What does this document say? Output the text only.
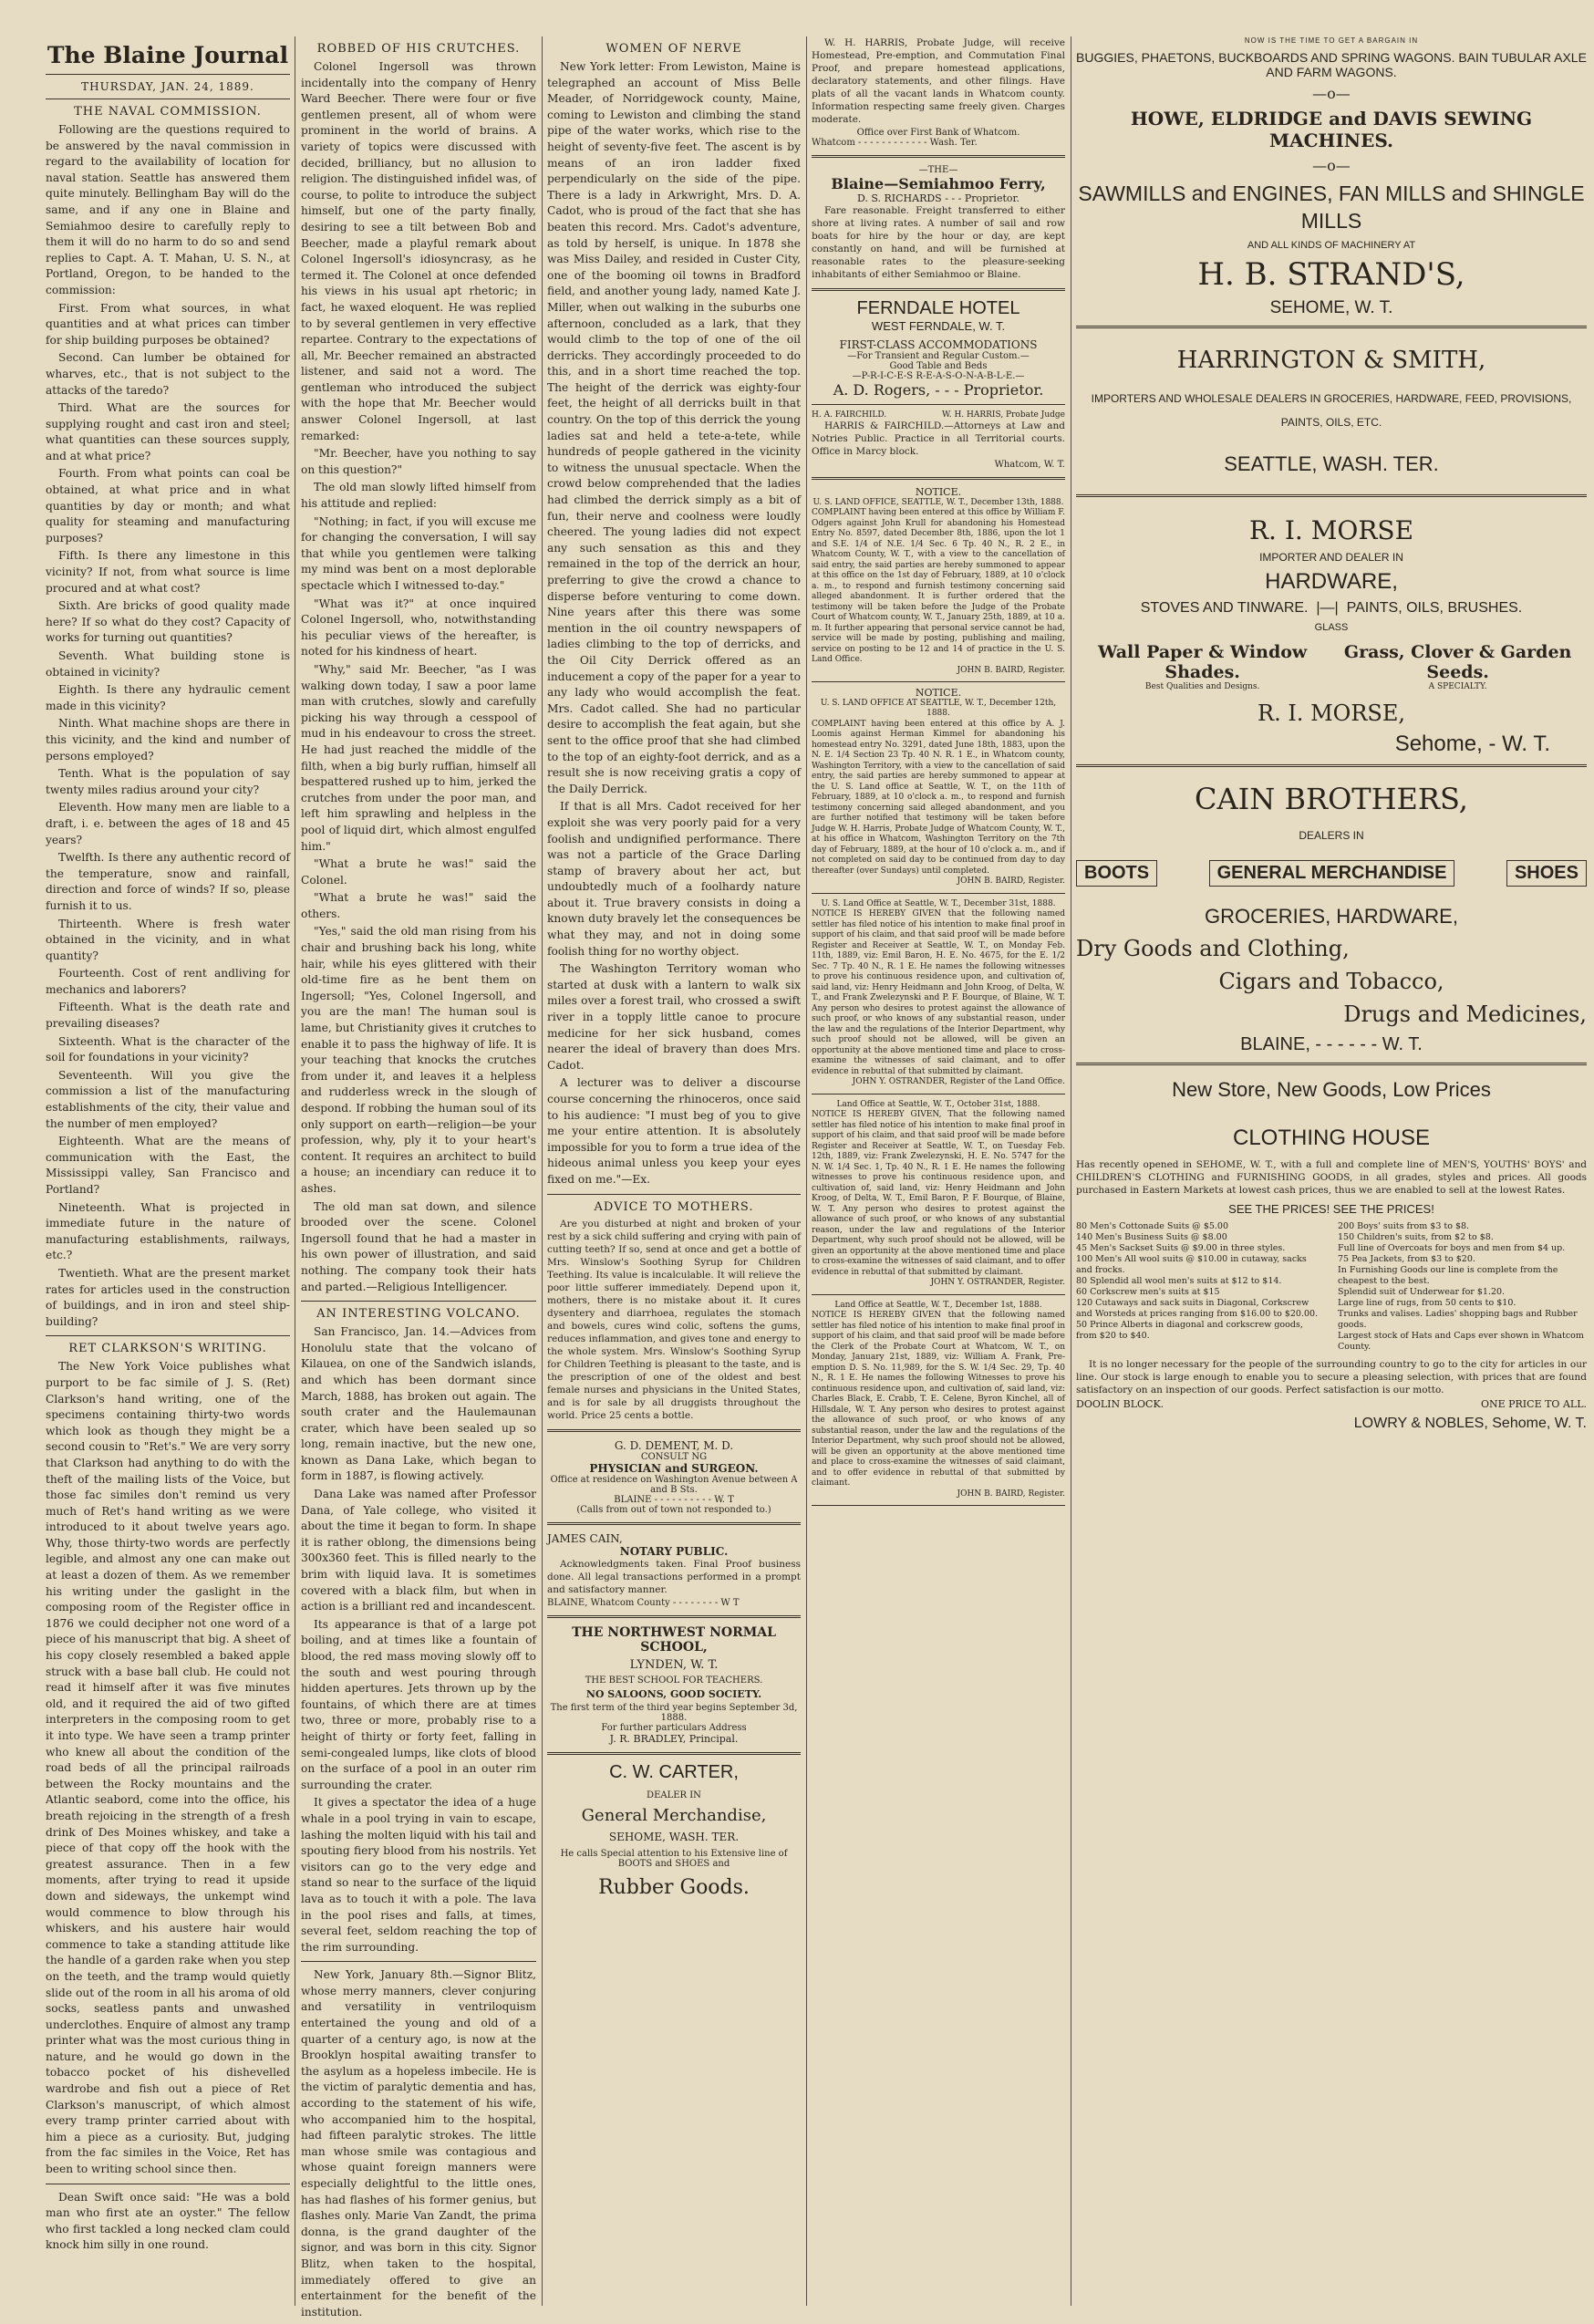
The Blaine Journal
THURSDAY, JAN. 24, 1889.
THE NAVAL COMMISSION.

Following are the questions required to be answered by the naval commission in regard to the availability of location for naval station. Seattle has answered them quite minutely. Bellingham Bay will do the same, and if any one in Blaine and Semiahmoo desire to carefully reply to them it will do no harm to do so and send replies to Capt. A. T. Mahan, U. S. N., at Portland, Oregon, to be handed to the commission:

First. From what sources, in what quantities and at what prices can timber for ship building purposes be obtained?

Second. Can lumber be obtained for wharves, etc., that is not subject to the attacks of the taredo?

Third. What are the sources for supplying rought and cast iron and steel; what quantities can these sources supply, and at what price?

Fourth. From what points can coal be obtained, at what price and in what quantities by day or month; and what quality for steaming and manufacturing purposes?

Fifth. Is there any limestone in this vicinity? If not, from what source is lime procured and at what cost?

Sixth. Are bricks of good quality made here? If so what do they cost? Capacity of works for turning out quantities?

Seventh. What building stone is obtained in vicinity?

Eighth. Is there any hydraulic cement made in this vicinity?

Ninth. What machine shops are there in this vicinity, and the kind and number of persons employed?

Tenth. What is the population of say twenty miles radius around your city?

Eleventh. How many men are liable to a draft, i. e. between the ages of 18 and 45 years?

Twelfth. Is there any authentic record of the temperature, snow and rainfall, direction and force of winds? If so, please furnish it to us.

Thirteenth. Where is fresh water obtained in the vicinity, and in what quantity?

Fourteenth. Cost of rent andliving for mechanics and laborers?

Fifteenth. What is the death rate and prevailing diseases?

Sixteenth. What is the character of the soil for foundations in your vicinity?

Seventeenth. Will you give the commission a list of the manufacturing establishments of the city, their value and the number of men employed?

Eighteenth. What are the means of communication with the East, the Mississippi valley, San Francisco and Portland?

Nineteenth. What is projected in immediate future in the nature of manufacturing establishments, railways, etc.?

Twentieth. What are the present market rates for articles used in the construction of buildings, and in iron and steel ship-building?

RET CLARKSON'S WRITING.

The New York Voice publishes what purport to be fac simile of J. S. (Ret) Clarkson's hand writing, one of the specimens containing thirty-two words which look as though they might be a second cousin to "Ret's." We are very sorry that Clarkson had anything to do with the theft of the mailing lists of the Voice, but those fac similes don't remind us very much of Ret's hand writing as we were introduced to it about twelve years ago. Why, those thirty-two words are perfectly legible, and almost any one can make out at least a dozen of them. As we remember his writing under the gaslight in the composing room of the Register office in 1876 we could decipher not one word of a piece of his manuscript that big. A sheet of his copy closely resembled a baked apple struck with a base ball club. He could not read it himself after it was five minutes old, and it required the aid of two gifted interpreters in the composing room to get it into type. We have seen a tramp printer who knew all about the condition of the road beds of all the principal railroads between the Rocky mountains and the Atlantic seabord, come into the office, his breath rejoicing in the strength of a fresh drink of Des Moines whiskey, and take a piece of that copy off the hook with the greatest assurance. Then in a few moments, after trying to read it upside down and sideways, the unkempt wind would commence to blow through his whiskers, and his austere hair would commence to take a standing attitude like the handle of a garden rake when you step on the teeth, and the tramp would quietly slide out of the room in all his aroma of old socks, seatless pants and unwashed underclothes. Enquire of almost any tramp printer what was the most curious thing in nature, and he would go down in the tobacco pocket of his dishevelled wardrobe and fish out a piece of Ret Clarkson's manuscript, of which almost every tramp printer carried about with him a piece as a curiosity. But, judging from the fac similes in the Voice, Ret has been to writing school since then.

Dean Swift once said: "He was a bold man who first ate an oyster." The fellow who first tackled a long necked clam could knock him silly in one round.

ROBBED OF HIS CRUTCHES.

Colonel Ingersoll was thrown incidentally into the company of Henry Ward Beecher. There were four or five gentlemen present, all of whom were prominent in the world of brains. A variety of topics were discussed with decided, brilliancy, but no allusion to religion. The distinguished infidel was, of course, to polite to introduce the subject himself, but one of the party finally, desiring to see a tilt between Bob and Beecher, made a playful remark about Colonel Ingersoll's idiosyncrasy, as he termed it. The Colonel at once defended his views in his usual apt rhetoric; in fact, he waxed eloquent. He was replied to by several gentlemen in very effective repartee. Contrary to the expectations of all, Mr. Beecher remained an abstracted listener, and said not a word. The gentleman who introduced the subject with the hope that Mr. Beecher would answer Colonel Ingersoll, at last remarked:

"Mr. Beecher, have you nothing to say on this question?"

The old man slowly lifted himself from his attitude and replied:

"Nothing; in fact, if you will excuse me for changing the conversation, I will say that while you gentlemen were talking my mind was bent on a most deplorable spectacle which I witnessed to-day."

"What was it?" at once inquired Colonel Ingersoll, who, notwithstanding his peculiar views of the hereafter, is noted for his kindness of heart.

"Why," said Mr. Beecher, "as I was walking down today, I saw a poor lame man with crutches, slowly and carefully picking his way through a cesspool of mud in his endeavour to cross the street. He had just reached the middle of the filth, when a big burly ruffian, himself all bespattered rushed up to him, jerked the crutches from under the poor man, and left him sprawling and helpless in the pool of liquid dirt, which almost engulfed him."

"What a brute he was!" said the Colonel.

"What a brute he was!" said the others.

"Yes," said the old man rising from his chair and brushing back his long, white hair, while his eyes glittered with their old-time fire as he bent them on Ingersoll; "Yes, Colonel Ingersoll, and you are the man! The human soul is lame, but Christianity gives it crutches to enable it to pass the highway of life. It is your teaching that knocks the crutches from under it, and leaves it a helpless and rudderless wreck in the slough of despond. If robbing the human soul of its only support on earth—religion—be your profession, why, ply it to your heart's content. It requires an architect to build a house; an incendiary can reduce it to ashes.

The old man sat down, and silence brooded over the scene. Colonel Ingersoll found that he had a master in his own power of illustration, and said nothing. The company took their hats and parted.—Religious Intelligencer.

AN INTERESTING VOLCANO.

San Francisco, Jan. 14.—Advices from Honolulu state that the volcano of Kilauea, on one of the Sandwich islands, and which has been dormant since March, 1888, has broken out again. The south crater and the Haulemaunan crater, which have been sealed up so long, remain inactive, but the new one, known as Dana Lake, which began to form in 1887, is flowing actively.

Dana Lake was named after Professor Dana, of Yale college, who visited it about the time it began to form. In shape it is rather oblong, the dimensions being 300x360 feet. This is filled nearly to the brim with liquid lava. It is sometimes covered with a black film, but when in action is a brilliant red and incandescent.

Its appearance is that of a large pot boiling, and at times like a fountain of blood, the red mass moving slowly off to the south and west pouring through hidden apertures. Jets thrown up by the fountains, of which there are at times two, three or more, probably rise to a height of thirty or forty feet, falling in semi-congealed lumps, like clots of blood on the surface of a pool in an outer rim surrounding the crater.

It gives a spectator the idea of a huge whale in a pool trying in vain to escape, lashing the molten liquid with his tail and spouting fiery blood from his nostrils. Yet visitors can go to the very edge and stand so near to the surface of the liquid lava as to touch it with a pole. The lava in the pool rises and falls, at times, several feet, seldom reaching the top of the rim surrounding.

New York, January 8th.—Signor Blitz, whose merry manners, clever conjuring and versatility in ventriloquism entertained the young and old of a quarter of a century ago, is now at the Brooklyn hospital awaiting transfer to the asylum as a hopeless imbecile. He is the victim of paralytic dementia and has, according to the statement of his wife, who accompanied him to the hospital, had fifteen paralytic strokes. The little man whose smile was contagious and whose quaint foreign manners were especially delightful to the little ones, has had flashes of his former genius, but flashes only. Marie Van Zandt, the prima donna, is the grand daughter of the signor, and was born in this city. Signor Blitz, when taken to the hospital, immediately offered to give an entertainment for the benefit of the institution.

WOMEN OF NERVE

New York letter: From Lewiston, Maine is telegraphed an account of Miss Belle Meader, of Norridgewock county, Maine, coming to Lewiston and climbing the stand pipe of the water works, which rise to the height of seventy-five feet. The ascent is by means of an iron ladder fixed perpendicularly on the side of the pipe. There is a lady in Arkwright, Mrs. D. A. Cadot, who is proud of the fact that she has beaten this record. Mrs. Cadot's adventure, as told by herself, is unique. In 1878 she was Miss Dailey, and resided in Custer City, one of the booming oil towns in Bradford field, and another young lady, named Kate J. Miller, when out walking in the suburbs one afternoon, concluded as a lark, that they would climb to the top of one of the oil derricks. They accordingly proceeded to do this, and in a short time reached the top. The height of the derrick was eighty-four feet, the height of all derricks built in that country. On the top of this derrick the young ladies sat and held a tete-a-tete, while hundreds of people gathered in the vicinity to witness the unusual spectacle. When the crowd below comprehended that the ladies had climbed the derrick simply as a bit of fun, their nerve and coolness were loudly cheered. The young ladies did not expect any such sensation as this and they remained in the top of the derrick an hour, preferring to give the crowd a chance to disperse before venturing to come down. Nine years after this there was some mention in the oil country newspapers of ladies climbing to the top of derricks, and the Oil City Derrick offered as an inducement a copy of the paper for a year to any lady who would accomplish the feat. Mrs. Cadot called. She had no particular desire to accomplish the feat again, but she sent to the office proof that she had climbed to the top of an eighty-foot derrick, and as a result she is now receiving gratis a copy of the Daily Derrick.

If that is all Mrs. Cadot received for her exploit she was very poorly paid for a very foolish and undignified performance. There was not a particle of the Grace Darling stamp of bravery about her act, but undoubtedly much of a foolhardy nature about it. True bravery consists in doing a known duty bravely let the consequences be what they may, and not in doing some foolish thing for no worthy object.

The Washington Territory woman who started at dusk with a lantern to walk six miles over a forest trail, who crossed a swift river in a topply little canoe to procure medicine for her sick husband, comes nearer the ideal of bravery than does Mrs. Cadot.

A lecturer was to deliver a discourse course concerning the rhinoceros, once said to his audience: "I must beg of you to give me your entire attention. It is absolutely impossible for you to form a true idea of the hideous animal unless you keep your eyes fixed on me."—Ex.

ADVICE TO MOTHERS.

Are you disturbed at night and broken of your rest by a sick child suffering and crying with pain of cutting teeth? If so, send at once and get a bottle of Mrs. Winslow's Soothing Syrup for Children Teething. Its value is incalculable. It will relieve the poor little sufferer immediately. Depend upon it, mothers, there is no mistake about it. It cures dysentery and diarrhoea, regulates the stomach and bowels, cures wind colic, softens the gums, reduces inflammation, and gives tone and energy to the whole system. Mrs. Winslow's Soothing Syrup for Children Teething is pleasant to the taste, and is the prescription of one of the oldest and best female nurses and physicians in the United States, and is for sale by all druggists throughout the world. Price 25 cents a bottle.

G. D. DEMENT, M. D.
CONSULT NG
PHYSICIAN and SURGEON.
Office at residence on Washington Avenue between A and B Sts.
BLAINE - - - - - - - - - - W. T
(Calls from out of town not responded to.)
JAMES CAIN,
NOTARY PUBLIC.

Acknowledgments taken. Final Proof business done. All legal transactions performed in a prompt and satisfactory manner.

BLAINE, Whatcom County - - - - - - - - W T
THE NORTHWEST NORMAL SCHOOL,
LYNDEN, W. T.
THE BEST SCHOOL FOR TEACHERS.
NO SALOONS, GOOD SOCIETY.
The first term of the third year begins September 3d, 1888.
For further particulars Address
J. R. BRADLEY, Principal.
C. W. CARTER,
DEALER IN
General Merchandise,
SEHOME, WASH. TER.
He calls Special attention to his Extensive line of BOOTS and SHOES and
Rubber Goods.

W. H. HARRIS, Probate Judge, will receive Homestead, Pre-emption, and Commutation Final Proof, and prepare homestead applications, declaratory statements, and other filings. Have plats of all the vacant lands in Whatcom county. Information respecting same freely given. Charges moderate.

Office over First Bank of Whatcom.
Whatcom - - - - - - - - - - - - Wash. Ter.
—THE—
Blaine—Semiahmoo Ferry,
D. S. RICHARDS - - - Proprietor.

Fare reasonable. Freight transferred to either shore at living rates. A number of sail and row boats for hire by the hour or day, are kept constantly on hand, and will be furnished at reasonable rates to the pleasure-seeking inhabitants of either Semiahmoo or Blaine.

FERNDALE HOTEL
WEST FERNDALE, W. T.
FIRST-CLASS ACCOMMODATIONS
—For Transient and Regular Custom.—
Good Table and Beds
—P-R-I-C-E-S R-E-A-S-O-N-A-B-L-E.—
A. D. Rogers, - - - Proprietor.
H. A. FAIRCHILD.	W. H. HARRIS, Probate Judge

HARRIS & FAIRCHILD.—Attorneys at Law and Notries Public. Practice in all Territorial courts. Office in Marcy block.

Whatcom, W. T.
NOTICE.
U. S. LAND OFFICE, SEATTLE, W. T., December 13th, 1888.
COMPLAINT having been entered at this office by William F. Odgers against John Krull for abandoning his Homestead Entry No. 8597, dated December 8th, 1886, upon the lot 1 and S.E. 1/4 of N.E. 1/4 Sec. 6 Tp. 40 N., R. 2 E., in Whatcom County, W. T., with a view to the cancellation of said entry, the said parties are hereby summoned to appear at this office on the 1st day of February, 1889, at 10 o'clock a. m., to respond and furnish testimony concerning said alleged abandonment. It is further ordered that the testimony will be taken before the Judge of the Probate Court of Whatcom county, W. T., January 25th, 1889, at 10 a. m. It further appearing that personal service cannot be had, service will be made by posting, publishing and mailing, service on posting to be 12 and 14 of practice in the U. S. Land Office.
JOHN B. BAIRD, Register.
NOTICE.
U. S. LAND OFFICE AT SEATTLE, W. T., December 12th, 1888.
COMPLAINT having been entered at this office by A. J. Loomis against Herman Kimmel for abandoning his homestead entry No. 3291, dated June 18th, 1883, upon the N. E. 1/4 Section 23 Tp. 40 N. R. 1 E., in Whatcom county, Washington Territory, with a view to the cancellation of said entry, the said parties are hereby summoned to appear at the U. S. Land office at Seattle, W. T., on the 11th of February, 1889, at 10 o'clock a. m., to respond and furnish testimony concerning said alleged abandonment, and you are further notified that testimony will be taken before Judge W. H. Harris, Probate Judge of Whatcom County, W. T., at his office in Whatcom, Washington Territory on the 7th day of February, 1889, at the hour of 10 o'clock a. m., and if not completed on said day to be continued from day to day thereafter (over Sundays) until completed.
JOHN B. BAIRD, Register.
U. S. Land Office at Seattle, W. T., December 31st, 1888.
NOTICE IS HEREBY GIVEN that the following named settler has filed notice of his intention to make final proof in support of his claim, and that said proof will be made before Register and Receiver at Seattle, W. T., on Monday Feb. 11th, 1889, viz: Emil Baron, H. E. No. 4675, for the E. 1/2 Sec. 7 Tp. 40 N., R. 1 E. He names the following witnesses to prove his continuous residence upon, and cultivation of, said land, viz: Henry Heidmann and John Kroog, of Delta, W. T., and Frank Zwelezynski and P. F. Bourque, of Blaine, W. T. Any person who desires to protest against the allowance of such proof, or who knows of any substantial reason, under the law and the regulations of the Interior Department, why such proof should not be allowed, will be given an opportunity at the above mentioned time and place to cross-examine the witnesses of said claimant, and to offer evidence in rebuttal of that submitted by claimant.
JOHN Y. OSTRANDER, Register of the Land Office.
Land Office at Seattle, W. T., October 31st, 1888.
NOTICE IS HEREBY GIVEN, That the following named settler has filed notice of his intention to make final proof in support of his claim, and that said proof will be made before Register and Receiver at Seattle, W. T., on Tuesday Feb. 12th, 1889, viz: Frank Zwelezynski, H. E. No. 5747 for the N. W. 1/4 Sec. 1, Tp. 40 N., R. 1 E. He names the following witnesses to prove his continuous residence upon, and cultivation of, said land, viz: Henry Heidmann and John Kroog, of Delta, W. T., Emil Baron, P. F. Bourque, of Blaine, W. T. Any person who desires to protest against the allowance of such proof, or who knows of any substantial reason, under the law and regulations of the Interior Department, why such proof should not be allowed, will be given an opportunity at the above mentioned time and place to cross-examine the witnesses of said claimant, and to offer evidence in rebuttal of that submitted by claimant.
JOHN Y. OSTRANDER, Register.
Land Office at Seattle, W. T., December 1st, 1888.
NOTICE IS HEREBY GIVEN that the following named settler has filed notice of his intention to make final proof in support of his claim, and that said proof will be made before the Clerk of the Probate Court at Whatcom, W. T., on Monday, January 21st, 1889, viz: William A. Frank, Pre-emption D. S. No. 11,989, for the S. W. 1/4 Sec. 29, Tp. 40 N., R. 1 E. He names the following Witnesses to prove his continuous residence upon, and cultivation of, said land, viz: Charles Black, E. Crabb, T. E. Celene, Byron Kinchel, all of Hillsdale, W. T. Any person who desires to protest against the allowance of such proof, or who knows of any substantial reason, under the law and the regulations of the Interior Department, why such proof should not be allowed, will be given an opportunity at the above mentioned time and place to cross-examine the witnesses of said claimant, and to offer evidence in rebuttal of that submitted by claimant.
JOHN B. BAIRD, Register.
NOW IS THE TIME TO GET A BARGAIN IN
BUGGIES, PHAETONS, BUCKBOARDS AND SPRING WAGONS. BAIN TUBULAR AXLE AND FARM WAGONS.
—o—
HOWE, ELDRIDGE and DAVIS SEWING MACHINES.
—o—
SAWMILLS and ENGINES, FAN MILLS and SHINGLE MILLS
AND ALL KINDS OF MACHINERY AT
H. B. STRAND'S,
SEHOME, W. T.
HARRINGTON & SMITH,
IMPORTERS AND WHOLESALE DEALERS IN GROCERIES, HARDWARE, FEED, PROVISIONS, PAINTS, OILS, ETC.
SEATTLE, WASH. TER.
R. I. MORSE
IMPORTER AND DEALER IN
HARDWARE,
STOVES AND TINWARE.  |—|  PAINTS, OILS, BRUSHES.
GLASS
Wall Paper & Window Shades.
Best Qualities and Designs.
Grass, Clover & Garden Seeds.
A SPECIALTY.
R. I. MORSE,
Sehome, - W. T.
CAIN BROTHERS,
DEALERS IN
BOOTS	GENERAL MERCHANDISE	SHOES
GROCERIES, HARDWARE,
Dry Goods and Clothing,
Cigars and Tobacco,
Drugs and Medicines,
BLAINE, - - - - - - W. T.
New Store, New Goods, Low Prices
CLOTHING HOUSE

Has recently opened in SEHOME, W. T., with a full and complete line of MEN'S, YOUTHS' BOYS' and CHILDREN'S CLOTHING and FURNISHING GOODS, in all grades, styles and prices. All goods purchased in Eastern Markets at lowest cash prices, thus we are enabled to sell at the lowest Rates.

SEE THE PRICES! SEE THE PRICES!
80 Men's Cottonade Suits @ $5.00
140 Men's Business Suits @ $8.00
45 Men's Sackset Suits @ $9.00 in three styles.
100 Men's All wool suits @ $10.00 in cutaway, sacks and frocks.
80 Splendid all wool men's suits at $12 to $14.
60 Corkscrew men's suits at $15
120 Cutaways and sack suits in Diagonal, Corkscrew and Worsteds at prices ranging from $16.00 to $20.00.
50 Prince Alberts in diagonal and corkscrew goods, from $20 to $40.
200 Boys' suits from $3 to $8.
150 Children's suits, from $2 to $8.
Full line of Overcoats for boys and men from $4 up.
75 Pea Jackets, from $3 to $20.
In Furnishing Goods our line is complete from the cheapest to the best.
Splendid suit of Underwear for $1.20.
Large line of rugs, from 50 cents to $10.
Trunks and valises. Ladies' shopping bags and Rubber goods.
Largest stock of Hats and Caps ever shown in Whatcom County.

It is no longer necessary for the people of the surrounding country to go to the city for articles in our line. Our stock is large enough to enable you to secure a pleasing selection, with prices that are found satisfactory on an inspection of our goods. Perfect satisfaction is our motto.

DOOLIN BLOCK.	ONE PRICE TO ALL.
LOWRY & NOBLES, Sehome, W. T.
